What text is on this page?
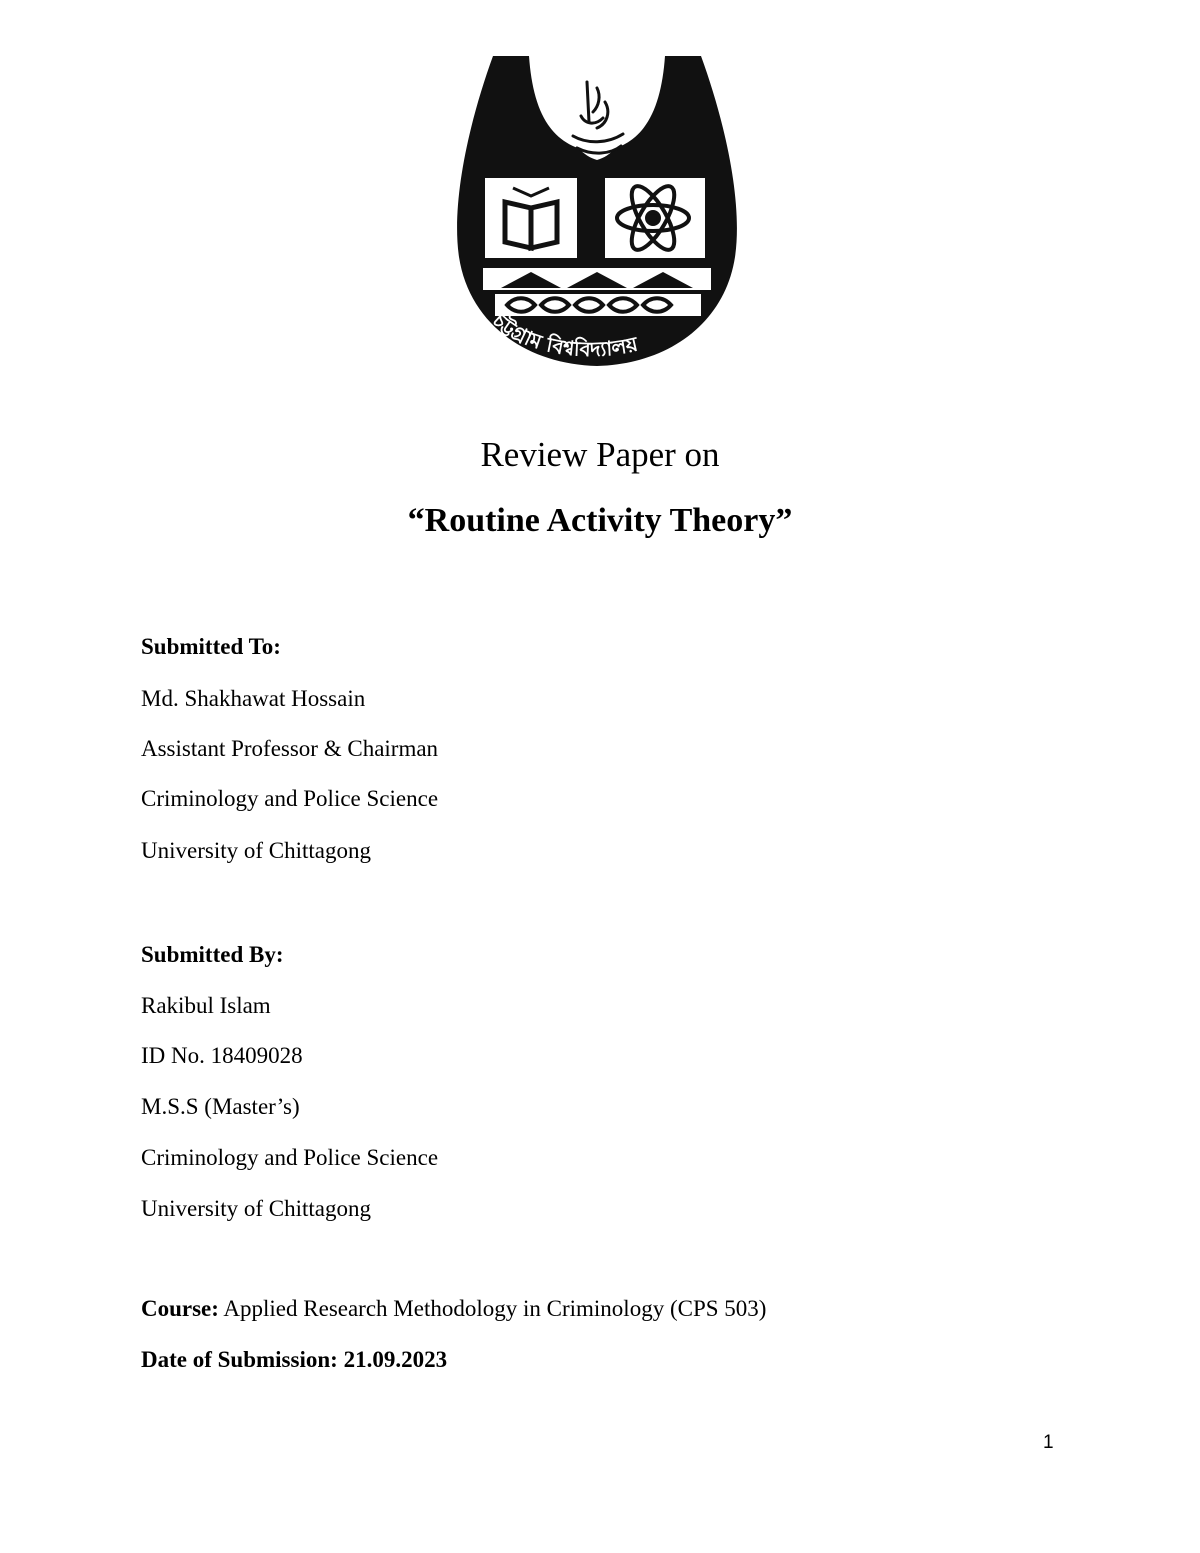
চট্টগ্রাম বিশ্ববিদ্যালয়
Review Paper on
“Routine Activity Theory”
Submitted To:
Md. Shakhawat Hossain
Assistant Professor & Chairman
Criminology and Police Science
University of Chittagong
Submitted By:
Rakibul Islam
ID No. 18409028
M.S.S (Master’s)
Criminology and Police Science
University of Chittagong
Course: Applied Research Methodology in Criminology (CPS 503)
Date of Submission: 21.09.2023
1
